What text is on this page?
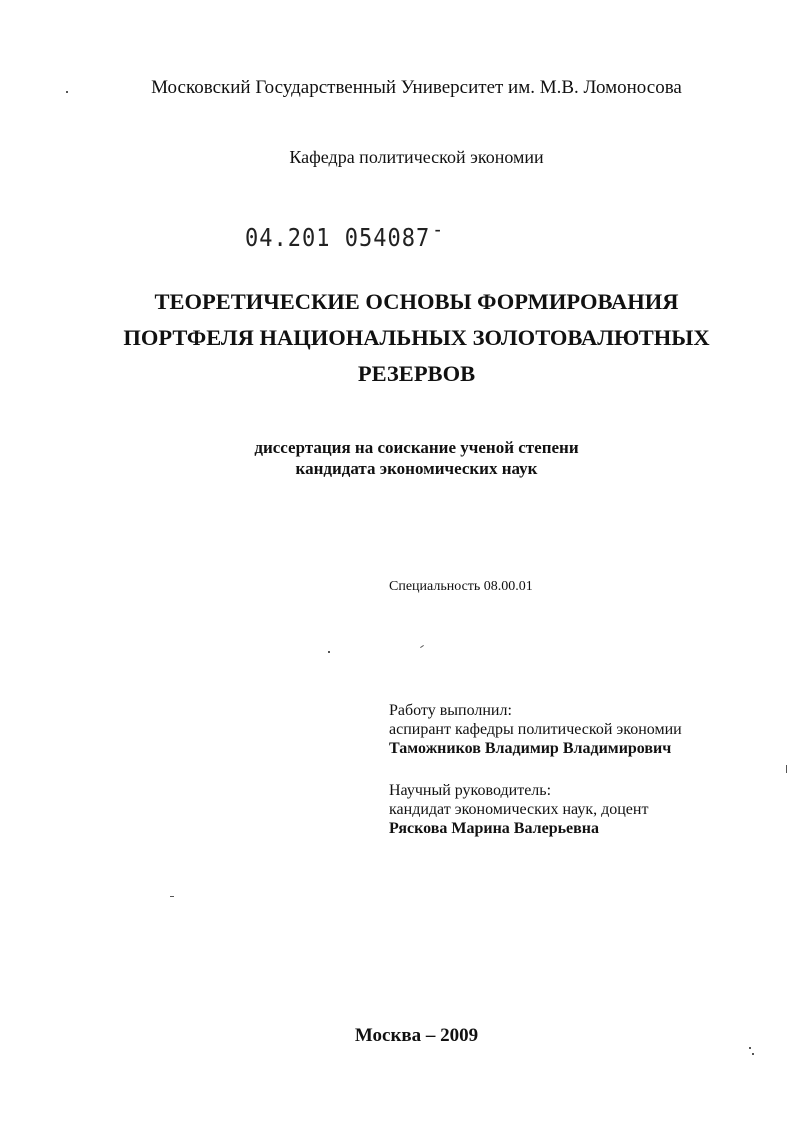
Московский Государственный Университет им. М.В. Ломоносова
Кафедра политической экономии
04.201 054087 -
ТЕОРЕТИЧЕСКИЕ ОСНОВЫ ФОРМИРОВАНИЯ
ПОРТФЕЛЯ НАЦИОНАЛЬНЫХ ЗОЛОТОВАЛЮТНЫХ
РЕЗЕРВОВ
диссертация на соискание ученой степени
кандидата экономических наук
Специальность 08.00.01
Работу выполнил:
аспирант кафедры политической экономии
Таможников Владимир Владимирович
Научный руководитель:
кандидат экономических наук, доцент
Ряскова Марина Валерьевна
Москва – 2009
